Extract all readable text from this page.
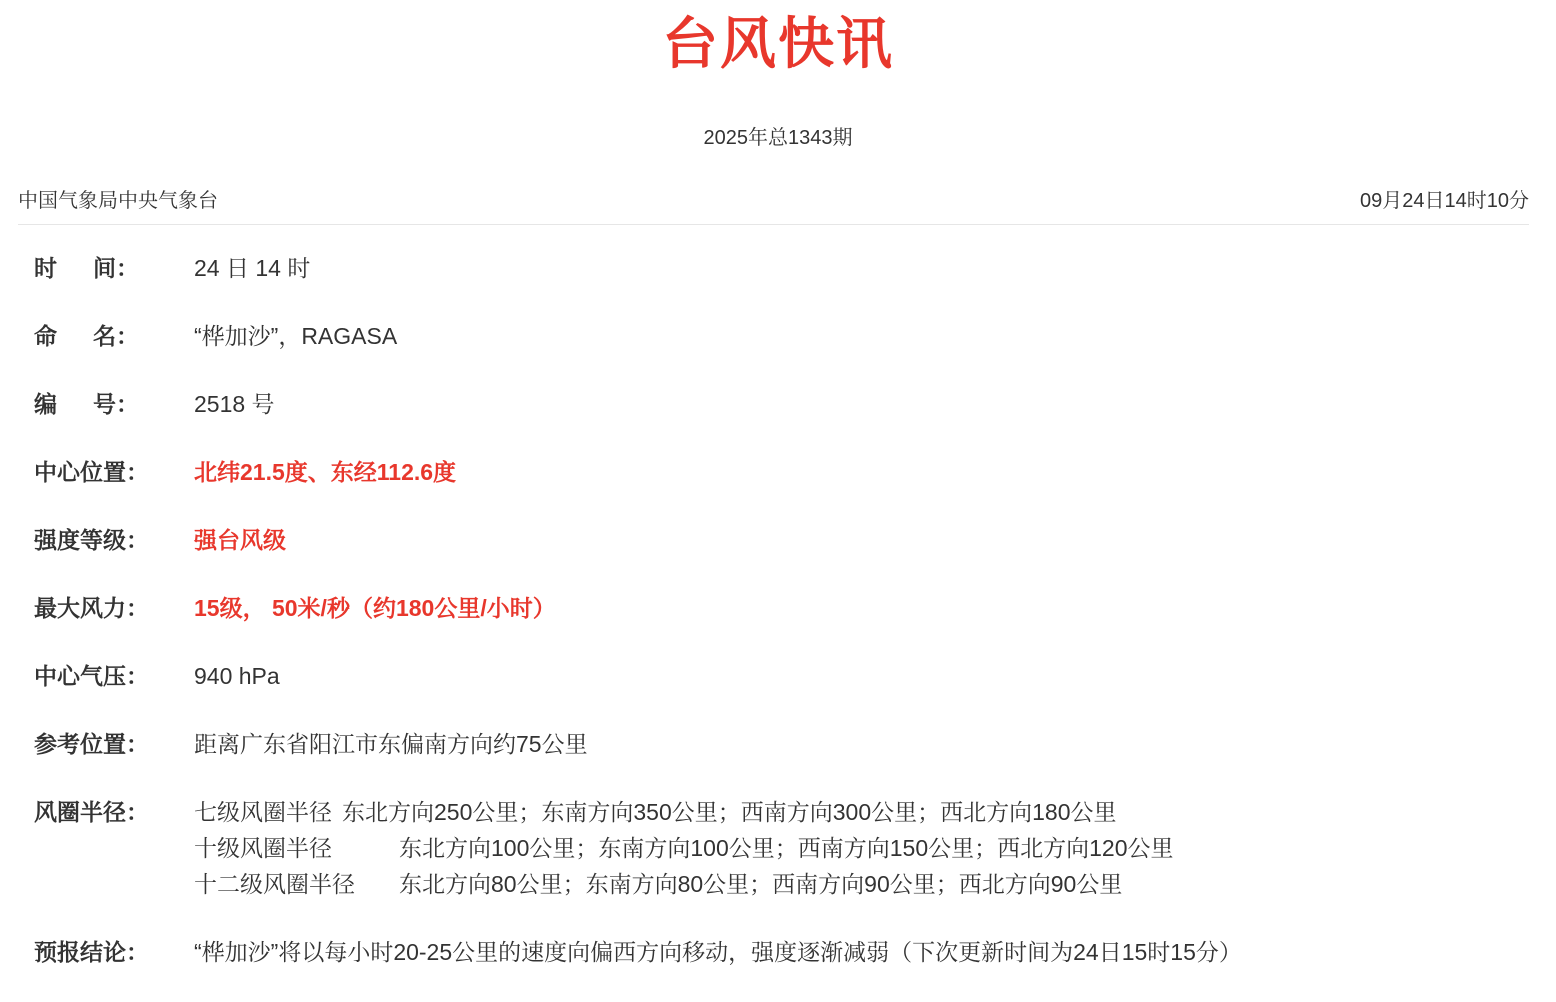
台风快讯
2025年总1343期
中国气象局中央气象台	09月24日14时10分
时 间：	24 日 14 时
命 名：	“桦加沙”，RAGASA
编 号：	2518 号
中心位置：	北纬21.5度、东经112.6度
强度等级：	强台风级
最大风力：	15级， 50米/秒（约180公里/小时）
中心气压：	940 hPa
参考位置：	距离广东省阳江市东偏南方向约75公里
风圈半径：	七级风圈半径 东北方向250公里；东南方向350公里；西南方向300公里；西北方向180公里
十级风圈半径	东北方向100公里；东南方向100公里；西南方向150公里；西北方向120公里
十二级风圈半径 东北方向80公里；东南方向80公里；西南方向90公里；西北方向90公里
预报结论：	“桦加沙”将以每小时20-25公里的速度向偏西方向移动，强度逐渐减弱（下次更新时间为24日15时15分）
